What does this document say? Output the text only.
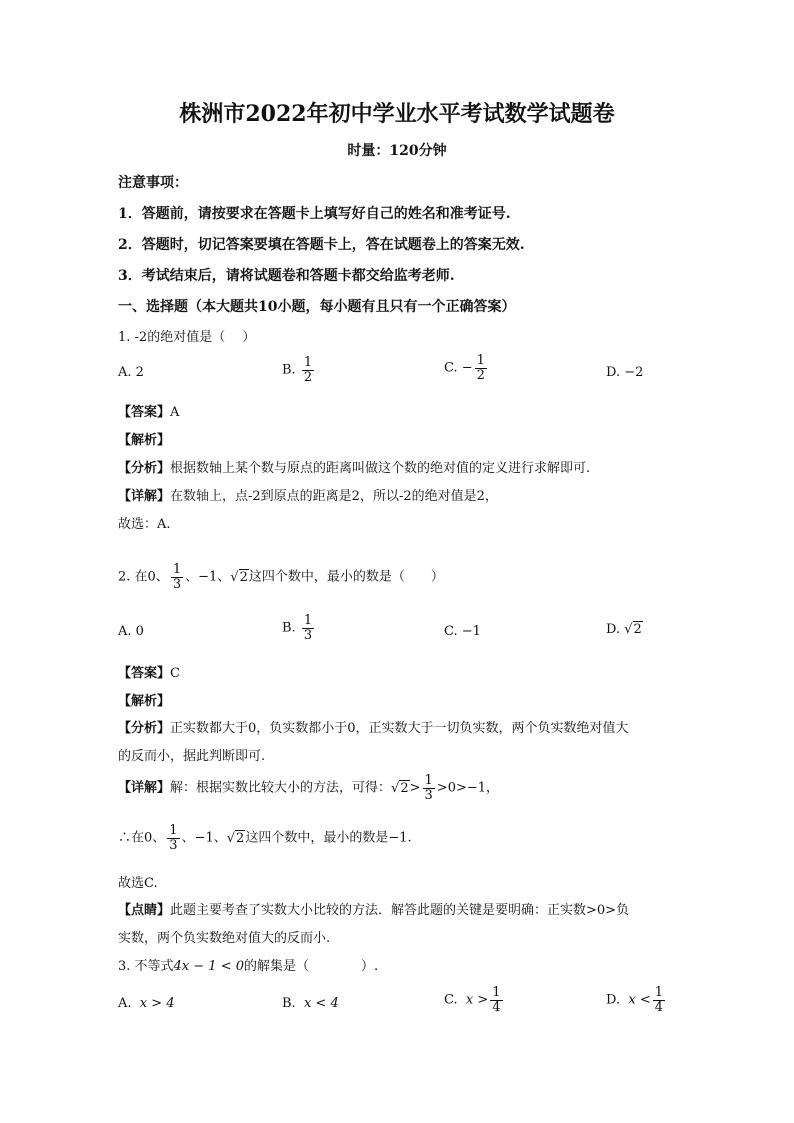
株洲市2022年初中学业水平考试数学试题卷
时量：120分钟
注意事项：
1．答题前，请按要求在答题卡上填写好自己的姓名和准考证号.
2．答题时，切记答案要填在答题卡上，答在试题卷上的答案无效.
3．考试结束后，请将试题卷和答题卡都交给监考老师.
一、选择题（本大题共10小题，每小题有且只有一个正确答案）
1. -2的绝对值是（　 ）
A. 2	B. $\frac{1}{2}$	C. − $\frac{1}{2}$	D. −2
【答案】A
【解析】
【分析】根据数轴上某个数与原点的距离叫做这个数的绝对值的定义进行求解即可.
【详解】在数轴上，点-2到原点的距离是2，所以-2的绝对值是2，
故选：A.
2. 在0、 $\frac{1}{3}$ 、−1、√2这四个数中，最小的数是（　　）
A. 0	B. $\frac{1}{3}$	C. −1	D. √2
【答案】C
【解析】
【分析】正实数都大于0，负实数都小于0，正实数大于一切负实数，两个负实数绝对值大
的反而小，据此判断即可.
【详解】解：根据实数比较大小的方法，可得：$√2> \frac{1}{3} >0>-1$，
∴在0、 $\frac{1}{3}$ 、−1、√2这四个数中，最小的数是−1.
故选C.
【点睛】此题主要考查了实数大小比较的方法．解答此题的关键是要明确：正实数>0>负
实数，两个负实数绝对值大的反而小.
3. 不等式4x − 1 < 0的解集是（　　　　）.
A. x > 4	B. x < 4	C. $x > \frac{1}{4}$	D. $x < \frac{1}{4}$
